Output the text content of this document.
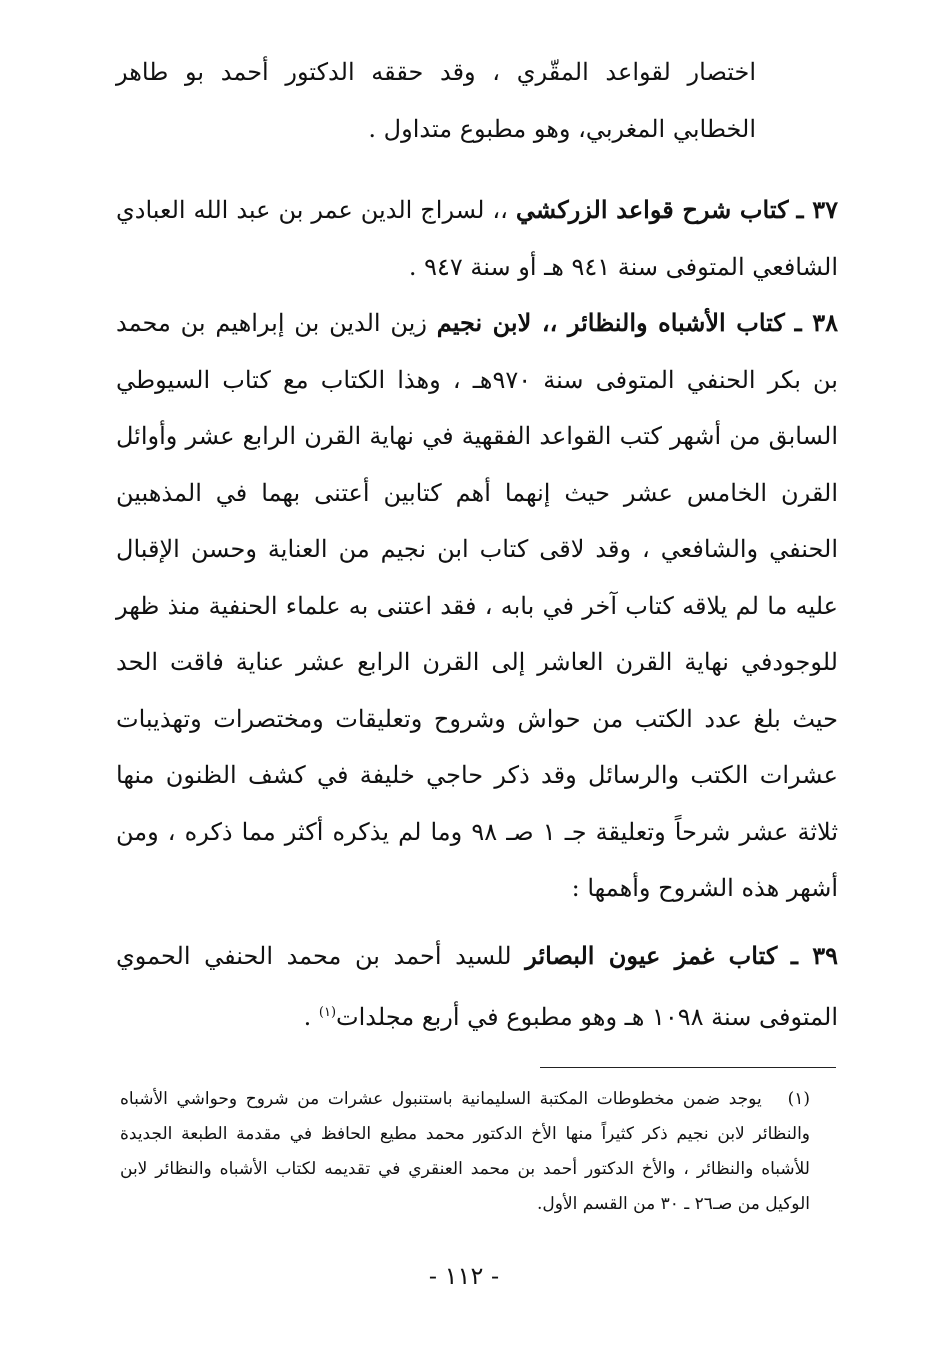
اختصار لقواعد المقّري ، وقد حققه الدكتور أحمد بو طاهر الخطابي المغربي، وهو مطبوع متداول .

٣٧ ـ كتاب شرح قواعد الزركشي ،، لسراج الدين عمر بن عبد الله العبادي الشافعي المتوفى سنة ٩٤١ هـ أو سنة ٩٤٧ .

٣٨ ـ كتاب الأشباه والنظائر ،، لابن نجيم زين الدين بن إبراهيم بن محمد بن بكر الحنفي المتوفى سنة ٩٧٠هـ ، وهذا الكتاب مع كتاب السيوطي السابق من أشهر كتب القواعد الفقهية في نهاية القرن الرابع عشر وأوائل القرن الخامس عشر حيث إنهما أهم كتابين أعتنى بهما في المذهبين الحنفي والشافعي ، وقد لاقى كتاب ابن نجيم من العناية وحسن الإقبال عليه ما لم يلاقه كتاب آخر في بابه ، فقد اعتنى به علماء الحنفية منذ ظهر للوجودفي نهاية القرن العاشر إلى القرن الرابع عشر عناية فاقت الحد حيث بلغ عدد الكتب من حواش وشروح وتعليقات ومختصرات وتهذيبات عشرات الكتب والرسائل وقد ذكر حاجي خليفة في كشف الظنون منها ثلاثة عشر شرحاً وتعليقة جـ ١ صـ ٩٨ وما لم يذكره أكثر مما ذكره ، ومن أشهر هذه الشروح وأهمها :

٣٩ ـ كتاب غمز عيون البصائر للسيد أحمد بن محمد الحنفي الحموي المتوفى سنة ١٠٩٨ هـ وهو مطبوع في أربع مجلدات$^{(١)}$ .

(١)   يوجد ضمن مخطوطات المكتبة السليمانية باستنبول عشرات من شروح وحواشي الأشباه والنظائر لابن نجيم ذكر كثيراً منها الأخ الدكتور محمد مطيع الحافظ في مقدمة الطبعة الجديدة للأشباه والنظائر ، والأخ الدكتور أحمد بن محمد العنقري في تقديمه لكتاب الأشباه والنظائر لابن الوكيل من صـ٢٦ ـ ٣٠ من القسم الأول.

- ١١٢ -
